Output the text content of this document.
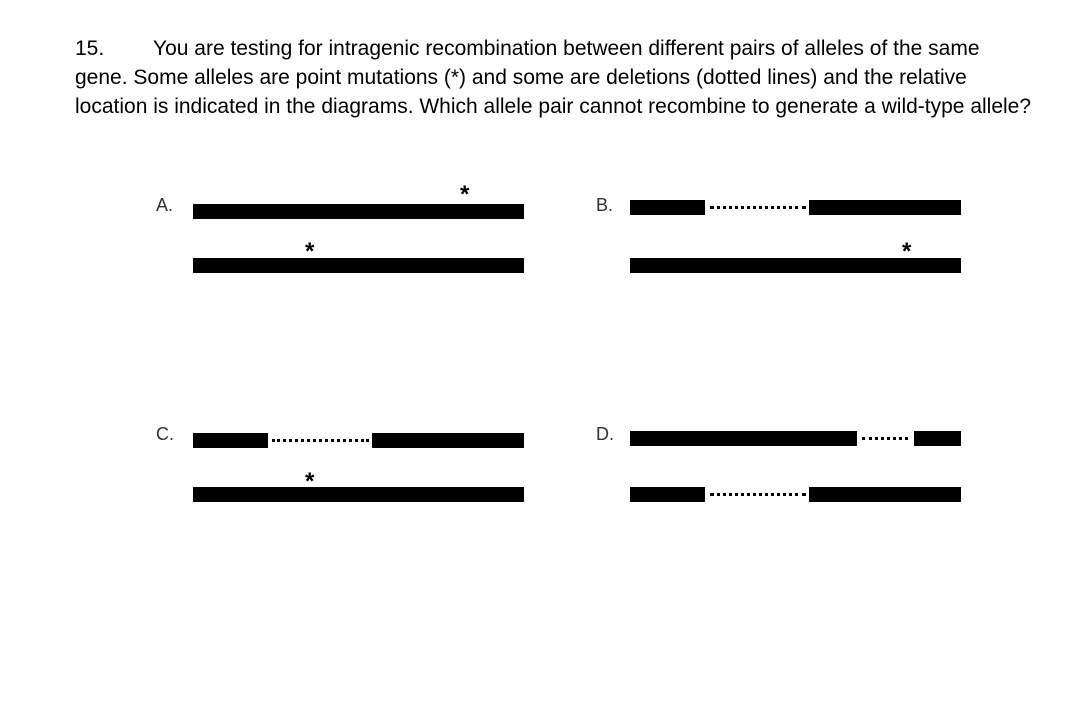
15. You are testing for intragenic recombination between different pairs of alleles of the same gene. Some alleles are point mutations (*) and some are deletions (dotted lines) and the relative location is indicated in the diagrams. Which allele pair cannot recombine to generate a wild-type allele?

A.	*
*
B.
*
C.
*
D.
